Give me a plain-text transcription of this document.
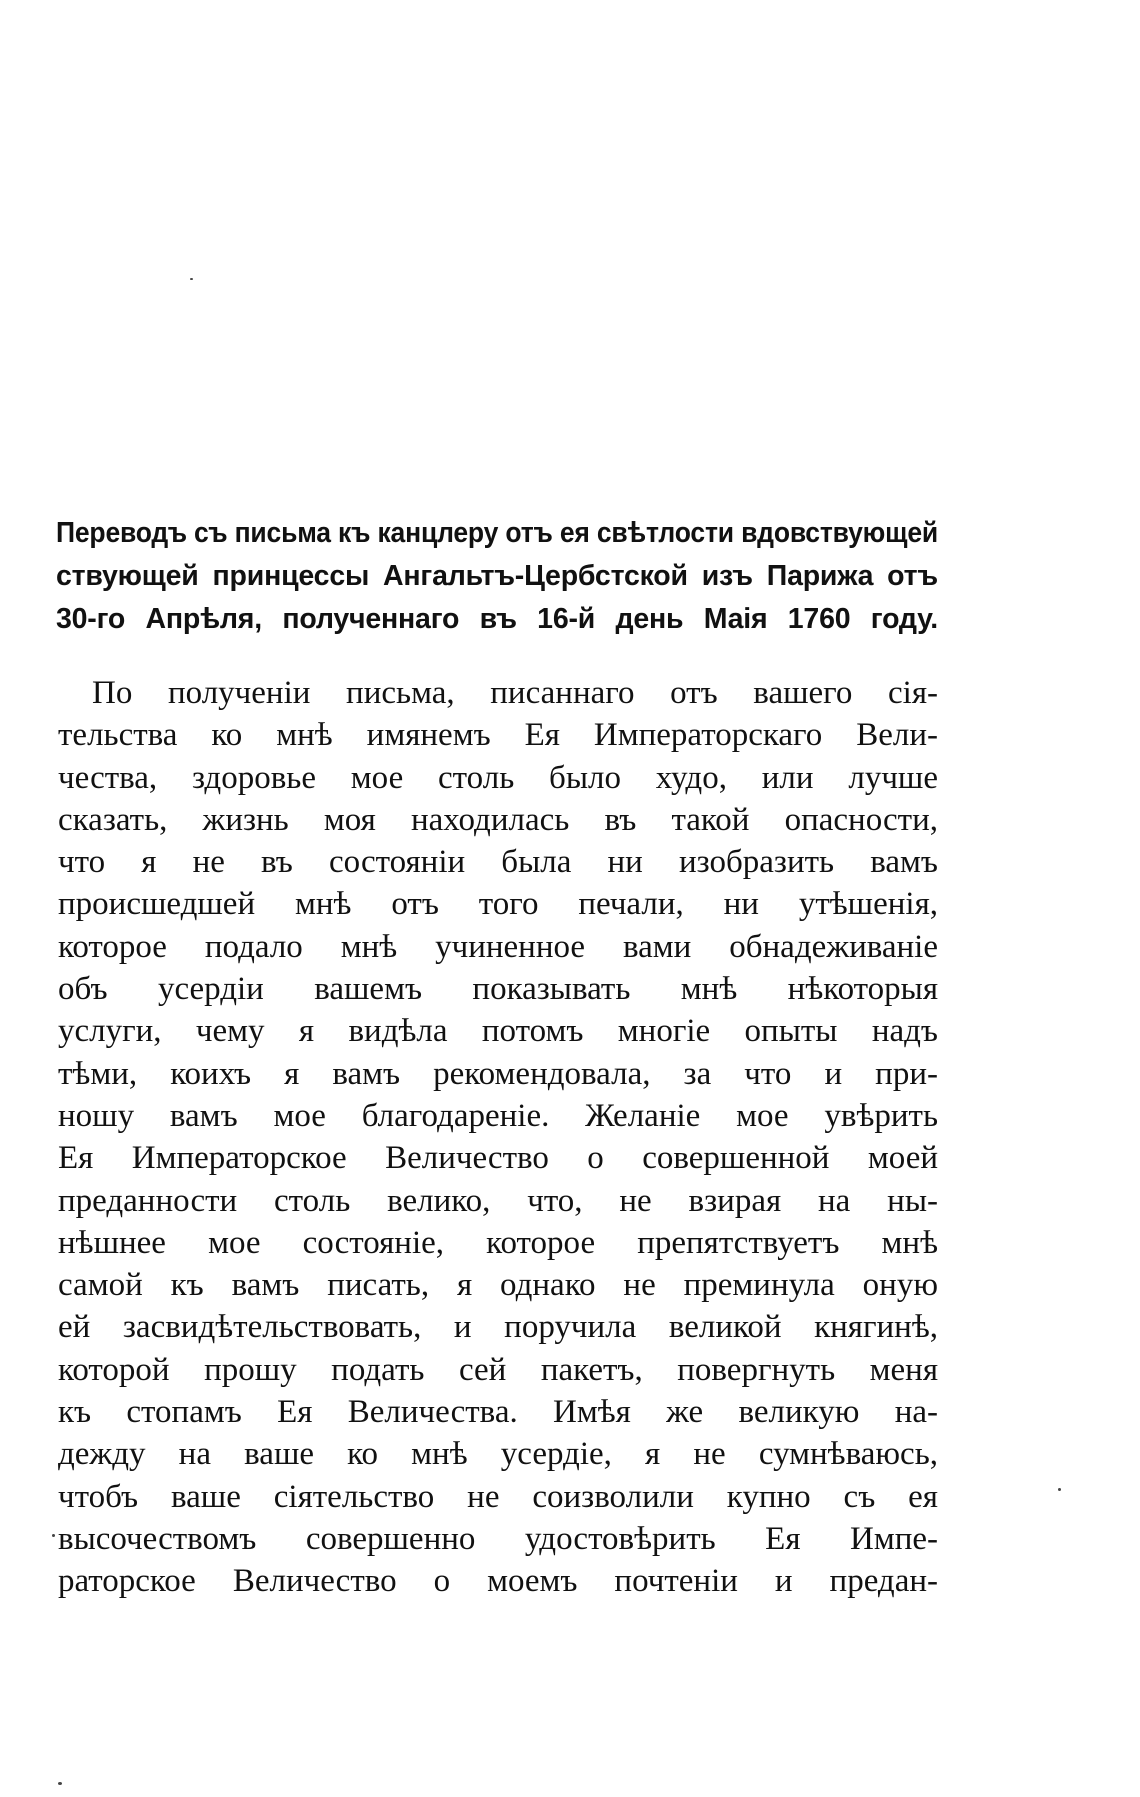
Переводъ съ письма къ канцлеру отъ ея свѣтлости вдовствующей
ствующей принцессы Ангальтъ-Цербстской изъ Парижа отъ
30-го Апрѣля, полученнаго въ 16-й день Маія 1760 году.
По полученіи письма, писаннаго отъ вашего сія-
тельства ко мнѣ имянемъ Ея Императорскаго Вели-
чества, здоровье мое столь было худо, или лучше
сказать, жизнь моя находилась въ такой опасности,
что я не въ состояніи была ни изобразить вамъ
происшедшей мнѣ отъ того печали, ни утѣшенія,
которое подало мнѣ учиненное вами обнадеживаніе
объ усердіи вашемъ показывать мнѣ нѣкоторыя
услуги, чему я видѣла потомъ многіе опыты надъ
тѣми, коихъ я вамъ рекомендовала, за что и при-
ношу вамъ мое благодареніе. Желаніе мое увѣрить
Ея Императорское Величество о совершенной моей
преданности столь велико, что, не взирая на ны-
нѣшнее мое состояніе, которое препятствуетъ мнѣ
самой къ вамъ писать, я однако не преминула оную
ей засвидѣтельствовать, и поручила великой княгинѣ,
которой прошу подать сей пакетъ, повергнуть меня
къ стопамъ Ея Величества. Имѣя же великую на-
дежду на ваше ко мнѣ усердіе, я не сумнѣваюсь,
чтобъ ваше сіятельство не соизволили купно съ ея
высочествомъ совершенно удостовѣрить Ея Импе-
раторское Величество о моемъ почтеніи и предан-
